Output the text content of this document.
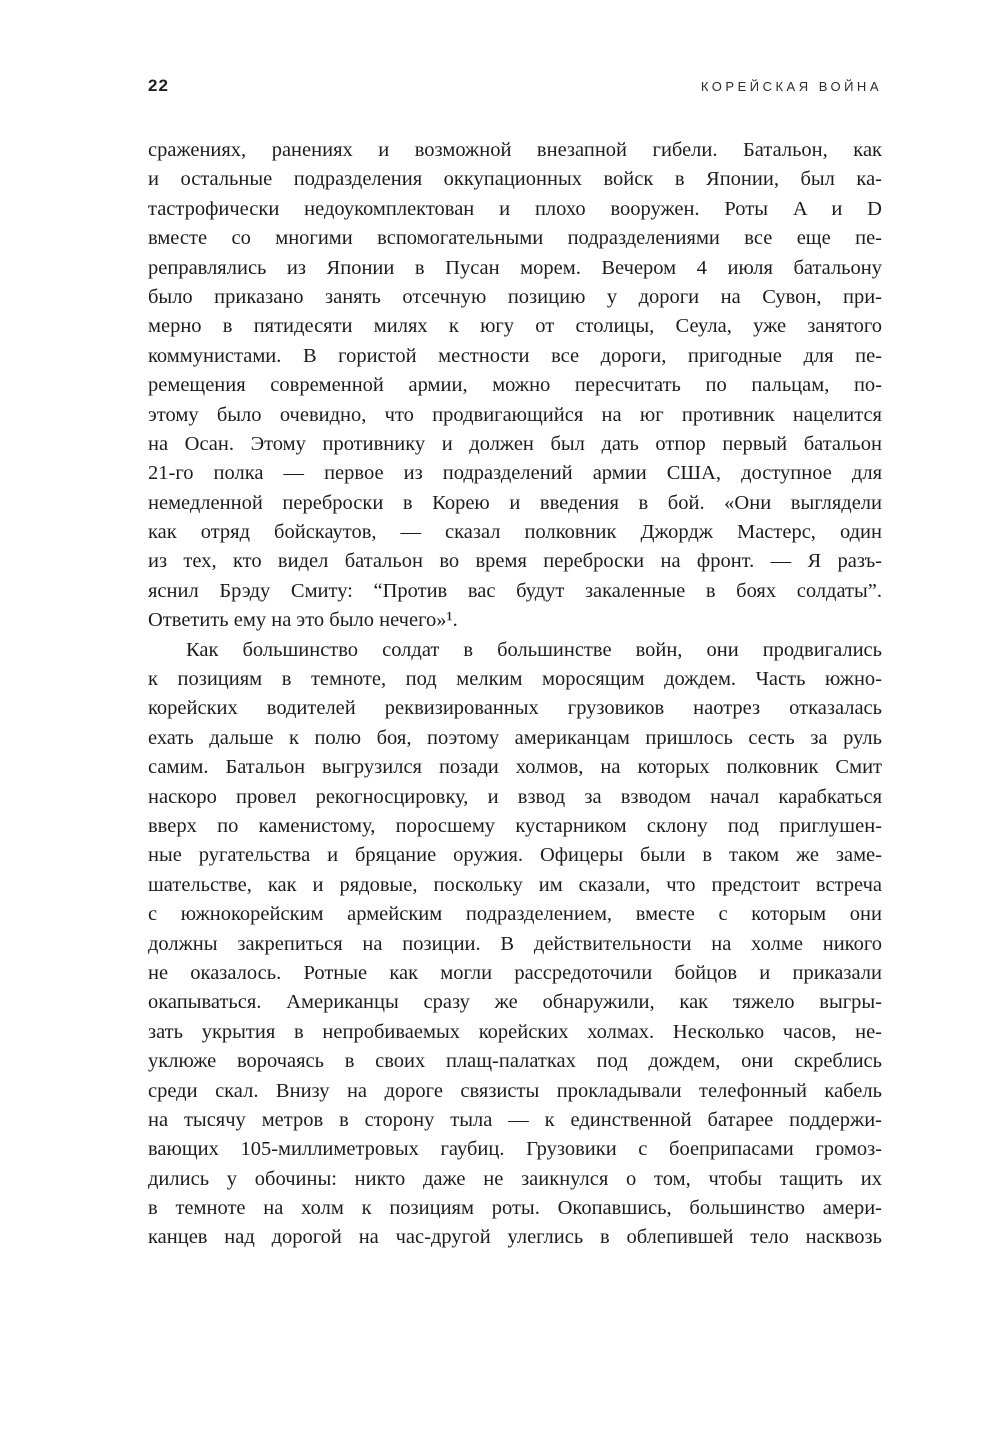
22	КОРЕЙСКАЯ ВОЙНА
сражениях, ранениях и возможной внезапной гибели. Батальон, как
и остальные подразделения оккупационных войск в Японии, был ка-
тастрофически недоукомплектован и плохо вооружен. Роты A и D
вместе со многими вспомогательными подразделениями все еще пе-
реправлялись из Японии в Пусан морем. Вечером 4 июля батальону
было приказано занять отсечную позицию у дороги на Сувон, при-
мерно в пятидесяти милях к югу от столицы, Сеула, уже занятого
коммунистами. В гористой местности все дороги, пригодные для пе-
ремещения современной армии, можно пересчитать по пальцам, по-
этому было очевидно, что продвигающийся на юг противник нацелится
на Осан. Этому противнику и должен был дать отпор первый батальон
21-го полка — первое из подразделений армии США, доступное для
немедленной переброски в Корею и введения в бой. «Они выглядели
как отряд бойскаутов, — сказал полковник Джордж Мастерс, один
из тех, кто видел батальон во время переброски на фронт. — Я разъ-
яснил Брэду Смиту: “Против вас будут закаленные в боях солдаты”.
Ответить ему на это было нечего»¹.
Как большинство солдат в большинстве войн, они продвигались
к позициям в темноте, под мелким моросящим дождем. Часть южно-
корейских водителей реквизированных грузовиков наотрез отказалась
ехать дальше к полю боя, поэтому американцам пришлось сесть за руль
самим. Батальон выгрузился позади холмов, на которых полковник Смит
наскоро провел рекогносцировку, и взвод за взводом начал карабкаться
вверх по каменистому, поросшему кустарником склону под приглушен-
ные ругательства и бряцание оружия. Офицеры были в таком же заме-
шательстве, как и рядовые, поскольку им сказали, что предстоит встреча
с южнокорейским армейским подразделением, вместе с которым они
должны закрепиться на позиции. В действительности на холме никого
не оказалось. Ротные как могли рассредоточили бойцов и приказали
окапываться. Американцы сразу же обнаружили, как тяжело выгры-
зать укрытия в непробиваемых корейских холмах. Несколько часов, не-
уклюже ворочаясь в своих плащ-палатках под дождем, они скреблись
среди скал. Внизу на дороге связисты прокладывали телефонный кабель
на тысячу метров в сторону тыла — к единственной батарее поддержи-
вающих 105-миллиметровых гаубиц. Грузовики с боеприпасами громоз-
дились у обочины: никто даже не заикнулся о том, чтобы тащить их
в темноте на холм к позициям роты. Окопавшись, большинство амери-
канцев над дорогой на час-другой улеглись в облепившей тело насквозь
